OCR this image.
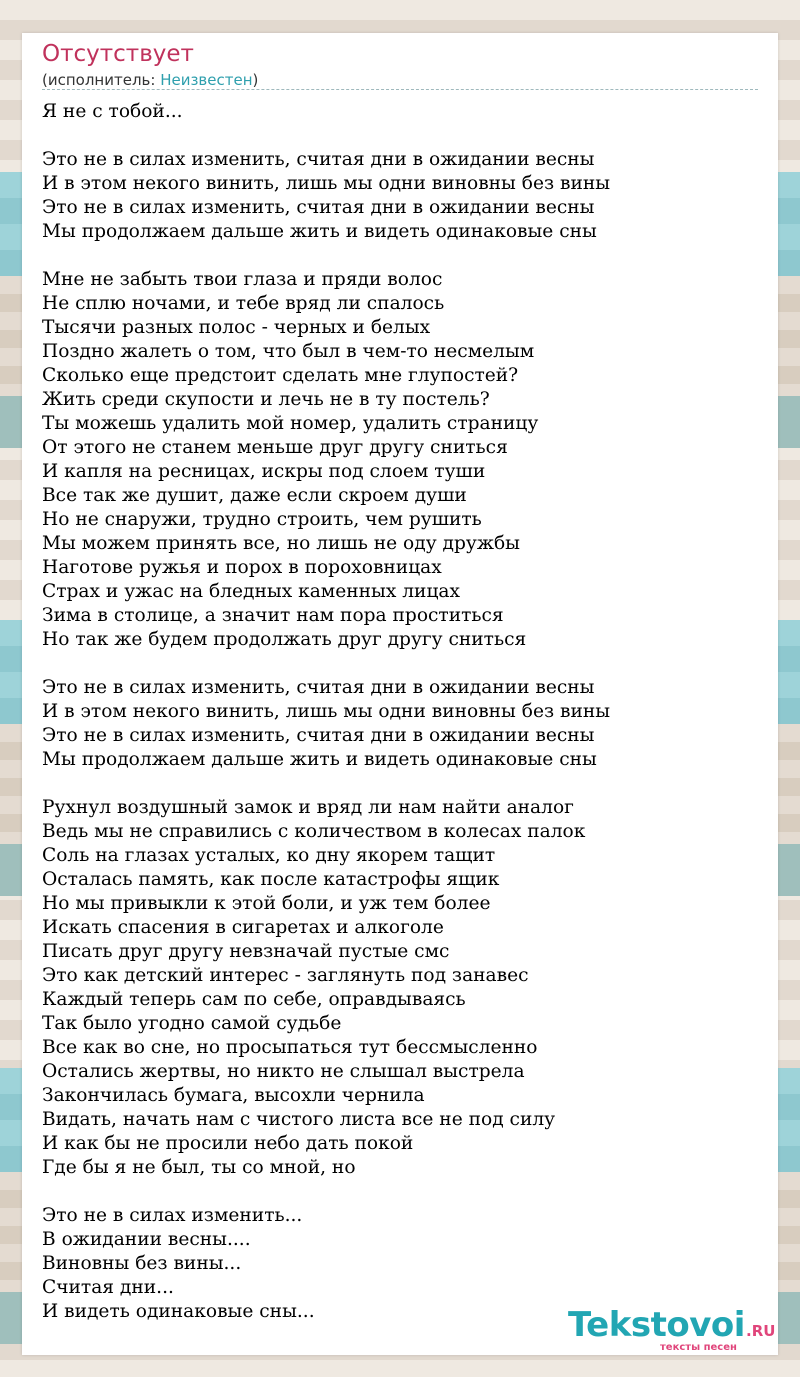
Отсутствует
(исполнитель: Неизвестен)
Я не с тобой...
Это не в силах изменить, считая дни в ожидании весны
И в этом некого винить, лишь мы одни виновны без вины
Это не в силах изменить, считая дни в ожидании весны
Мы продолжаем дальше жить и видеть одинаковые сны
Мне не забыть твои глаза и пряди волос
Не сплю ночами, и тебе вряд ли спалось
Тысячи разных полос - черных и белых
Поздно жалеть о том, что был в чем-то несмелым
Сколько еще предстоит сделать мне глупостей?
Жить среди скупости и лечь не в ту постель?
Ты можешь удалить мой номер, удалить страницу
От этого не станем меньше друг другу сниться
И капля на ресницах, искры под слоем туши
Все так же душит, даже если скроем души
Но не снаружи, трудно строить, чем рушить
Мы можем принять все, но лишь не оду дружбы
Наготове ружья и порох в пороховницах
Страх и ужас на бледных каменных лицах
Зима в столице, а значит нам пора проститься
Но так же будем продолжать друг другу сниться
Это не в силах изменить, считая дни в ожидании весны
И в этом некого винить, лишь мы одни виновны без вины
Это не в силах изменить, считая дни в ожидании весны
Мы продолжаем дальше жить и видеть одинаковые сны
Рухнул воздушный замок и вряд ли нам найти аналог
Ведь мы не справились с количеством в колесах палок
Соль на глазах усталых, ко дну якорем тащит
Осталась память, как после катастрофы ящик
Но мы привыкли к этой боли, и уж тем более
Искать спасения в сигаретах и алкоголе
Писать друг другу невзначай пустые смс
Это как детский интерес - заглянуть под занавес
Каждый теперь сам по себе, оправдываясь
Так было угодно самой судьбе
Все как во сне, но просыпаться тут бессмысленно
Остались жертвы, но никто не слышал выстрела
Закончилась бумага, высохли чернила
Видать, начать нам с чистого листа все не под силу
И как бы не просили небо дать покой
Где бы я не был, ты со мной, но
Это не в силах изменить...
В ожидании весны....
Виновны без вины...
Считая дни...
И видеть одинаковые сны...	Tekstovoi .RU
тексты песен
